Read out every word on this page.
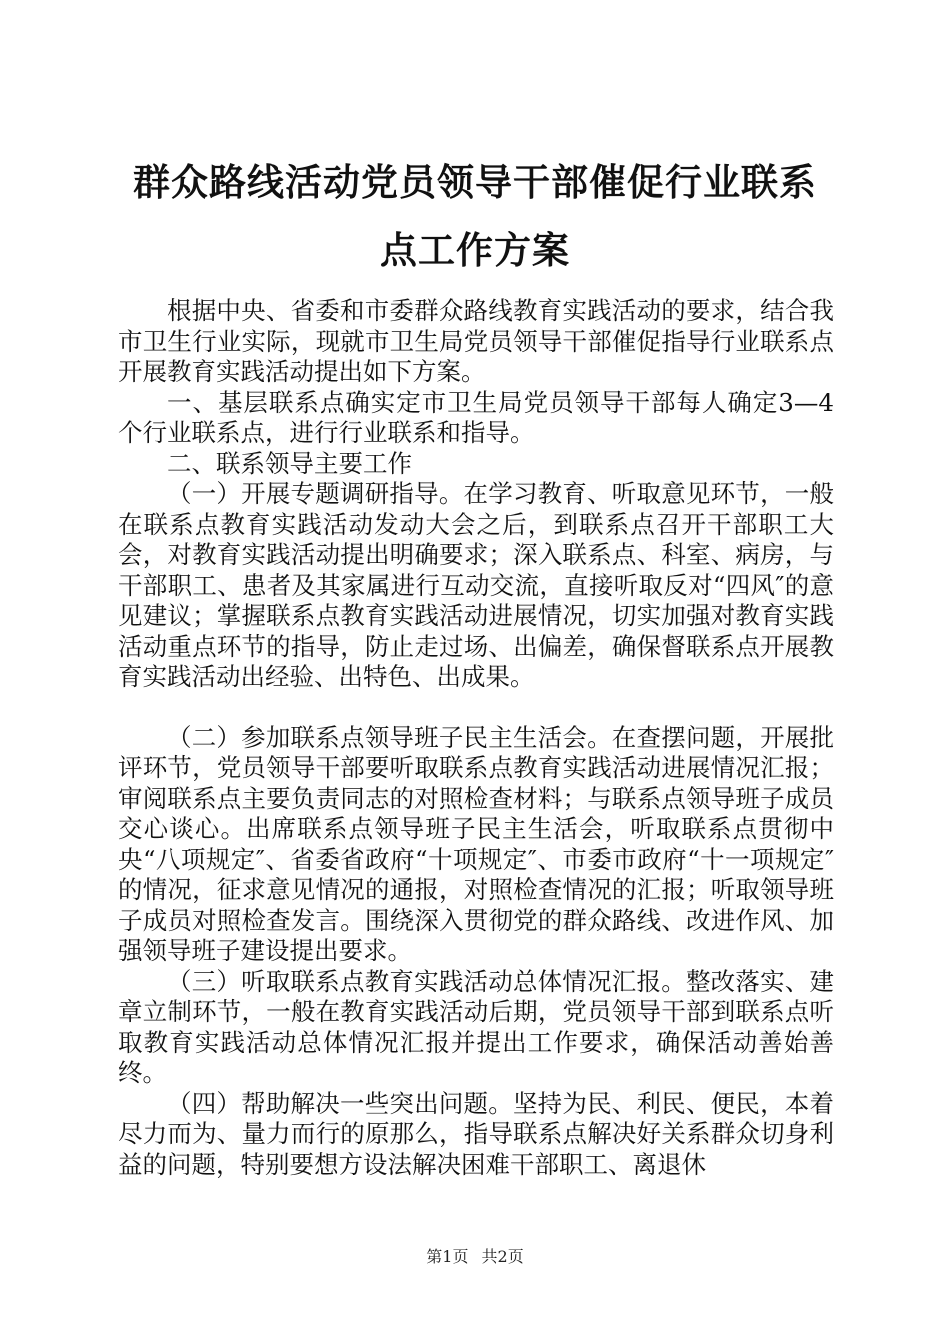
群众路线活动党员领导干部催促行业联系点工作方案

根据中央、省委和市委群众路线教育实践活动的要求，结合我市卫生行业实际，现就市卫生局党员领导干部催促指导行业联系点开展教育实践活动提出如下方案。

一、基层联系点确实定市卫生局党员领导干部每人确定3—4个行业联系点，进行行业联系和指导。

二、联系领导主要工作

（一）开展专题调研指导。在学习教育、听取意见环节，一般在联系点教育实践活动发动大会之后，到联系点召开干部职工大会，对教育实践活动提出明确要求；深入联系点、科室、病房，与干部职工、患者及其家属进行互动交流，直接听取反对“四风″的意见建议；掌握联系点教育实践活动进展情况，切实加强对教育实践活动重点环节的指导，防止走过场、出偏差，确保督联系点开展教育实践活动出经验、出特色、出成果。

（二）参加联系点领导班子民主生活会。在查摆问题，开展批评环节，党员领导干部要听取联系点教育实践活动进展情况汇报；审阅联系点主要负责同志的对照检查材料；与联系点领导班子成员交心谈心。出席联系点领导班子民主生活会，听取联系点贯彻中央“八项规定″、省委省政府“十项规定″、市委市政府“十一项规定″的情况，征求意见情况的通报，对照检查情况的汇报；听取领导班子成员对照检查发言。围绕深入贯彻党的群众路线、改进作风、加强领导班子建设提出要求。

（三）听取联系点教育实践活动总体情况汇报。整改落实、建章立制环节，一般在教育实践活动后期，党员领导干部到联系点听取教育实践活动总体情况汇报并提出工作要求，确保活动善始善终。

（四）帮助解决一些突出问题。坚持为民、利民、便民，本着尽力而为、量力而行的原那么，指导联系点解决好关系群众切身利益的问题，特别要想方设法解决困难干部职工、离退休

第1页 共2页
